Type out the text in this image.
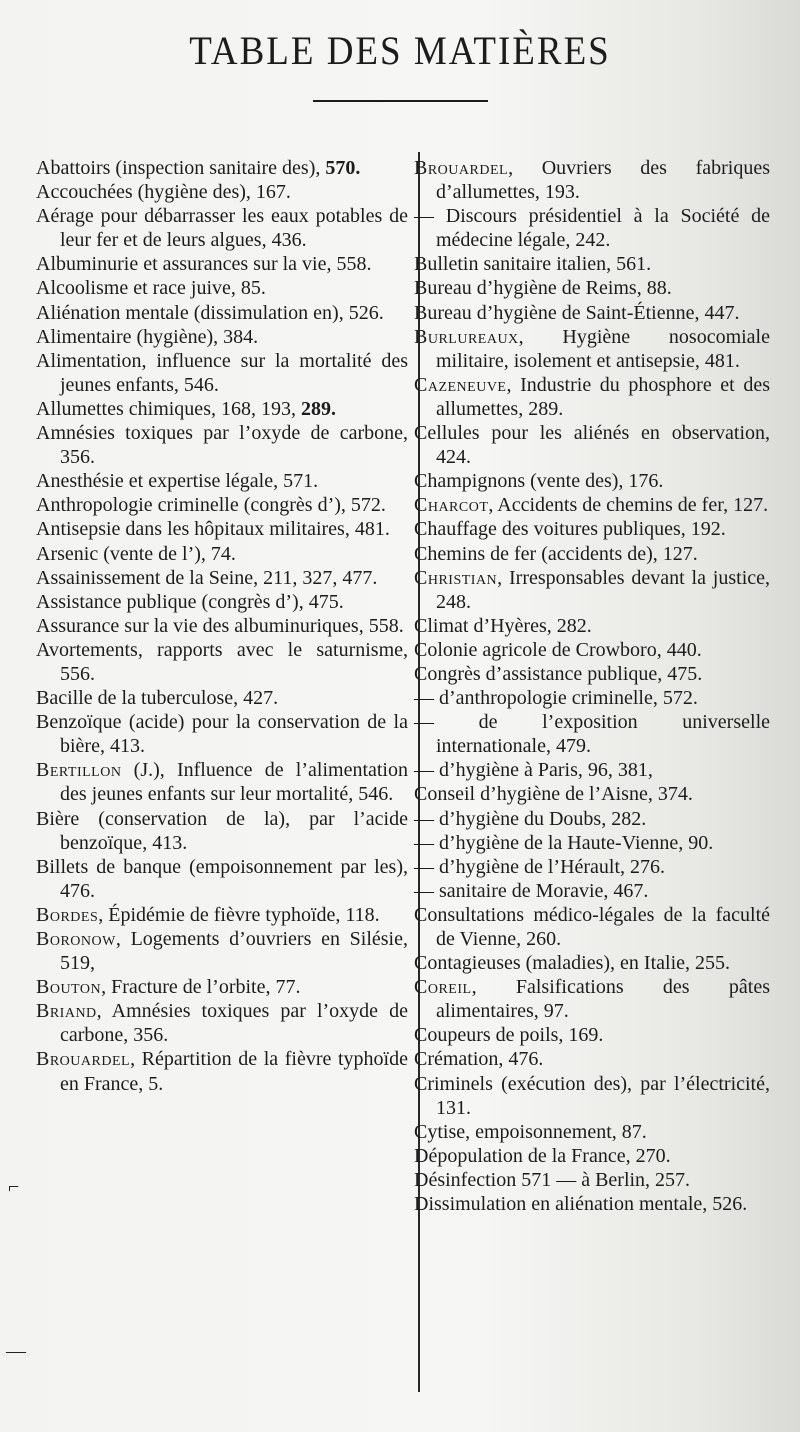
TABLE DES MATIÈRES
Abattoirs (inspection sanitaire des), 570.
Accouchées (hygiène des), 167.
Aérage pour débarrasser les eaux potables de leur fer et de leurs algues, 436.
Albuminurie et assurances sur la vie, 558.
Alcoolisme et race juive, 85.
Aliénation mentale (dissimulation en), 526.
Alimentaire (hygiène), 384.
Alimentation, influence sur la mortalité des jeunes enfants, 546.
Allumettes chimiques, 168, 193, 289.
Amnésies toxiques par l’oxyde de carbone, 356.
Anesthésie et expertise légale, 571.
Anthropologie criminelle (congrès d’), 572.
Antisepsie dans les hôpitaux militaires, 481.
Arsenic (vente de l’), 74.
Assainissement de la Seine, 211, 327, 477.
Assistance publique (congrès d’), 475.
Assurance sur la vie des albuminuriques, 558.
Avortements, rapports avec le saturnisme, 556.
Bacille de la tuberculose, 427.
Benzoïque (acide) pour la conservation de la bière, 413.
Bertillon (J.), Influence de l’alimentation des jeunes enfants sur leur mortalité, 546.
Bière (conservation de la), par l’acide benzoïque, 413.
Billets de banque (empoisonnement par les), 476.
Bordes, Épidémie de fièvre typhoïde, 118.
Boronow, Logements d’ouvriers en Silésie, 519,
Bouton, Fracture de l’orbite, 77.
Briand, Amnésies toxiques par l’oxyde de carbone, 356.
Brouardel, Répartition de la fièvre typhoïde en France, 5.
Brouardel, Ouvriers des fabriques d’allumettes, 193.
— Discours présidentiel à la Société de médecine légale, 242.
Bulletin sanitaire italien, 561.
Bureau d’hygiène de Reims, 88.
Bureau d’hygiène de Saint-Étienne, 447.
Burlureaux, Hygiène nosocomiale militaire, isolement et antisepsie, 481.
Cazeneuve, Industrie du phosphore et des allumettes, 289.
Cellules pour les aliénés en observation, 424.
Champignons (vente des), 176.
Charcot, Accidents de chemins de fer, 127.
Chauffage des voitures publiques, 192.
Chemins de fer (accidents de), 127.
Christian, Irresponsables devant la justice, 248.
Climat d’Hyères, 282.
Colonie agricole de Crowboro, 440.
Congrès d’assistance publique, 475.
— d’anthropologie criminelle, 572.
— de l’exposition universelle internationale, 479.
— d’hygiène à Paris, 96, 381,
Conseil d’hygiène de l’Aisne, 374.
— d’hygiène du Doubs, 282.
— d’hygiène de la Haute-Vienne, 90.
— d’hygiène de l’Hérault, 276.
— sanitaire de Moravie, 467.
Consultations médico-légales de la faculté de Vienne, 260.
Contagieuses (maladies), en Italie, 255.
Coreil, Falsifications des pâtes alimentaires, 97.
Coupeurs de poils, 169.
Crémation, 476.
Criminels (exécution des), par l’électricité, 131.
Cytise, empoisonnement, 87.
Dépopulation de la France, 270.
Désinfection 571 — à Berlin, 257.
Dissimulation en aliénation mentale, 526.
⌐
—
